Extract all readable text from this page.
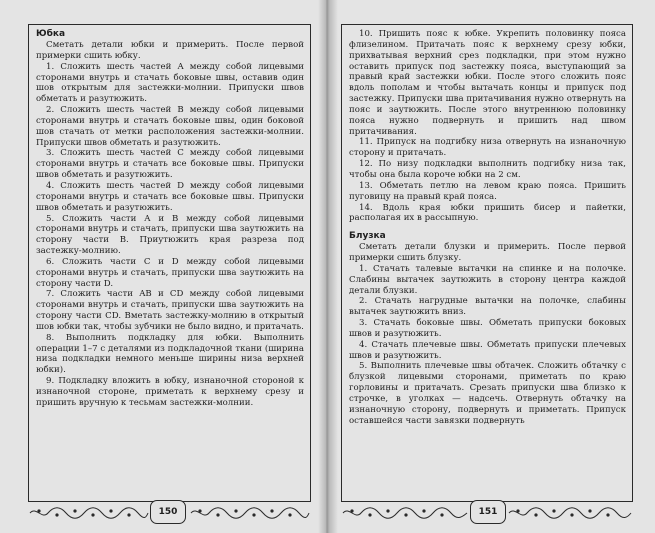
Юбка

Сметать детали юбки и примерить. После первой примерки сшить юбку.

1. Сложить шесть частей A между собой лицевыми сторонами внутрь и стачать боковые швы, оставив один шов открытым для застежки-молнии. Припуски швов обметать и разутюжить.

2. Сложить шесть частей B между собой лицевыми сторонами внутрь и стачать боковые швы, один боковой шов стачать от метки расположения застежки-молнии. Припуски швов обметать и разутюжить.

3. Сложить шесть частей C между собой лицевыми сторонами внутрь и стачать все боковые швы. Припуски швов обметать и разутюжить.

4. Сложить шесть частей D между собой лицевыми сторонами внутрь и стачать все боковые швы. Припуски швов обметать и разутюжить.

5. Сложить части A и B между собой лицевыми сторонами внутрь и стачать, припуски шва заутюжить на сторону части B. Приутюжить края разреза под застежку-молнию.

6. Сложить части C и D между собой лицевыми сторонами внутрь и стачать, припуски шва заутюжить на сторону части D.

7. Сложить части AB и CD между собой лицевыми сторонами внутрь и стачать, припуски шва заутюжить на сторону части CD. Вметать застежку-молнию в открытый шов юбки так, чтобы зубчики не было видно, и притачать.

8. Выполнить подкладку для юбки. Выполнить операции 1–7 с деталями из подкладочной ткани (ширина низа подкладки немного меньше ширины низа верхней юбки).

9. Подкладку вложить в юбку, изнаночной стороной к изнаночной стороне, приметать к верхнему срезу и пришить вручную к тесьмам застежки-молнии.

150

10. Пришить пояс к юбке. Укрепить половинку пояса флизелином. Притачать пояс к верхнему срезу юбки, прихватывая верхний срез подкладки, при этом нужно оставить припуск под застежку пояса, выступающий за правый край застежки юбки. После этого сложить пояс вдоль пополам и чтобы вытачать концы и припуск под застежку. Припуски шва притачивания нужно отвернуть на пояс и заутюжить. После этого внутреннюю половинку пояса нужно подвернуть и пришить над швом притачивания.

11. Припуск на подгибку низа отвернуть на изнаночную сторону и притачать.

12. По низу подкладки выполнить подгибку низа так, чтобы она была короче юбки на 2 см.

13. Обметать петлю на левом краю пояса. Пришить пуговицу на правый край пояса.

14. Вдоль края юбки пришить бисер и пайетки, располагая их в рассыпную.

Блузка

Сметать детали блузки и примерить. После первой примерки сшить блузку.

1. Стачать талевые вытачки на спинке и на полочке. Слабины вытачек заутюжить в сторону центра каждой детали блузки.

2. Стачать нагрудные вытачки на полочке, слабины вытачек заутюжить вниз.

3. Стачать боковые швы. Обметать припуски боковых швов и разутюжить.

4. Стачать плечевые швы. Обметать припуски плечевых швов и разутюжить.

5. Выполнить плечевые швы обтачек. Сложить обтачку с блузкой лицевыми сторонами, приметать по краю горловины и притачать. Срезать припуски шва близко к строчке, в уголках — надсечь. Отвернуть обтачку на изнаночную сторону, подвернуть и приметать. Припуск оставшейся части завязки подвернуть

151
